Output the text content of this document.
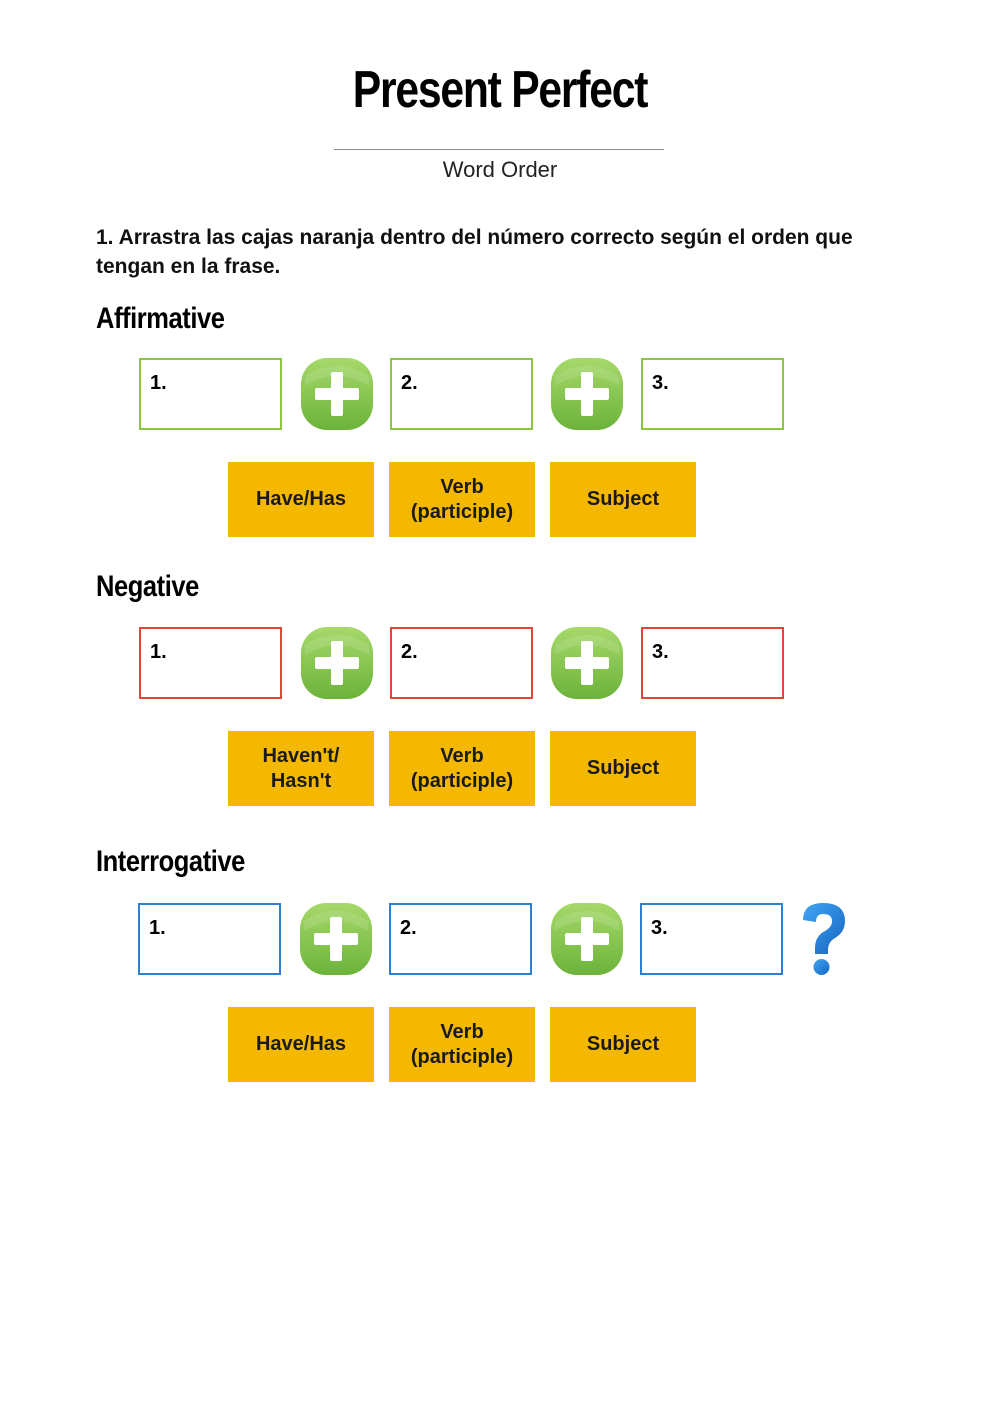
Present Perfect
Word Order
1. Arrastra las cajas naranja dentro del número correcto según el orden que tengan en la frase.
Affirmative
1.	2.	3.
Have/Has
Verb
(participle)
Subject
Negative
1.	2.	3.
Haven't/
Hasn't
Verb
(participle)
Subject
Interrogative
1.	2.	3.
Have/Has
Verb
(participle)
Subject
